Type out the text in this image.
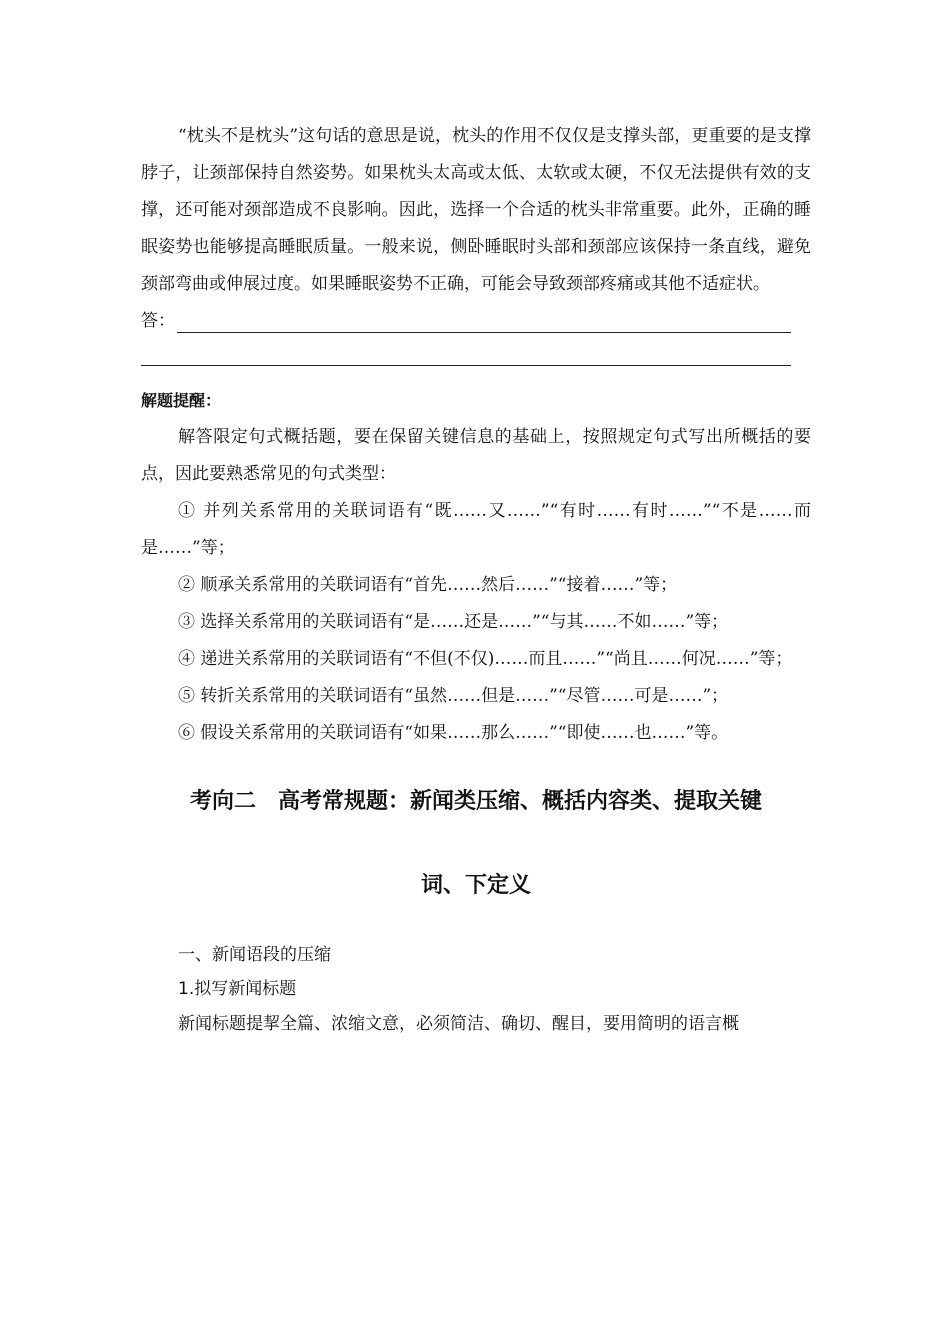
“枕头不是枕头”这句话的意思是说，枕头的作用不仅仅是支撑头部，更重要的是支撑脖子，让颈部保持自然姿势。如果枕头太高或太低、太软或太硬，不仅无法提供有效的支撑，还可能对颈部造成不良影响。因此，选择一个合适的枕头非常重要。此外，正确的睡眠姿势也能够提高睡眠质量。一般来说，侧卧睡眠时头部和颈部应该保持一条直线，避免颈部弯曲或伸展过度。如果睡眠姿势不正确，可能会导致颈部疼痛或其他不适症状。

答：

解题提醒：

解答限定句式概括题，要在保留关键信息的基础上，按照规定句式写出所概括的要点，因此要熟悉常见的句式类型：

① 并列关系常用的关联词语有“既……又……”“有时……有时……”“不是……而是……”等；

② 顺承关系常用的关联词语有“首先……然后……”“接着……”等；

③ 选择关系常用的关联词语有“是……还是……”“与其……不如……”等；

④ 递进关系常用的关联词语有“不但(不仅)……而且……”“尚且……何况……”等；

⑤ 转折关系常用的关联词语有“虽然……但是……”“尽管……可是……”；

⑥ 假设关系常用的关联词语有“如果……那么……”“即使……也……”等。

考向二　高考常规题：新闻类压缩、概括内容类、提取关键

词、下定义

一、新闻语段的压缩

1.拟写新闻标题

新闻标题提挈全篇、浓缩文意，必须简洁、确切、醒目，要用简明的语言概
